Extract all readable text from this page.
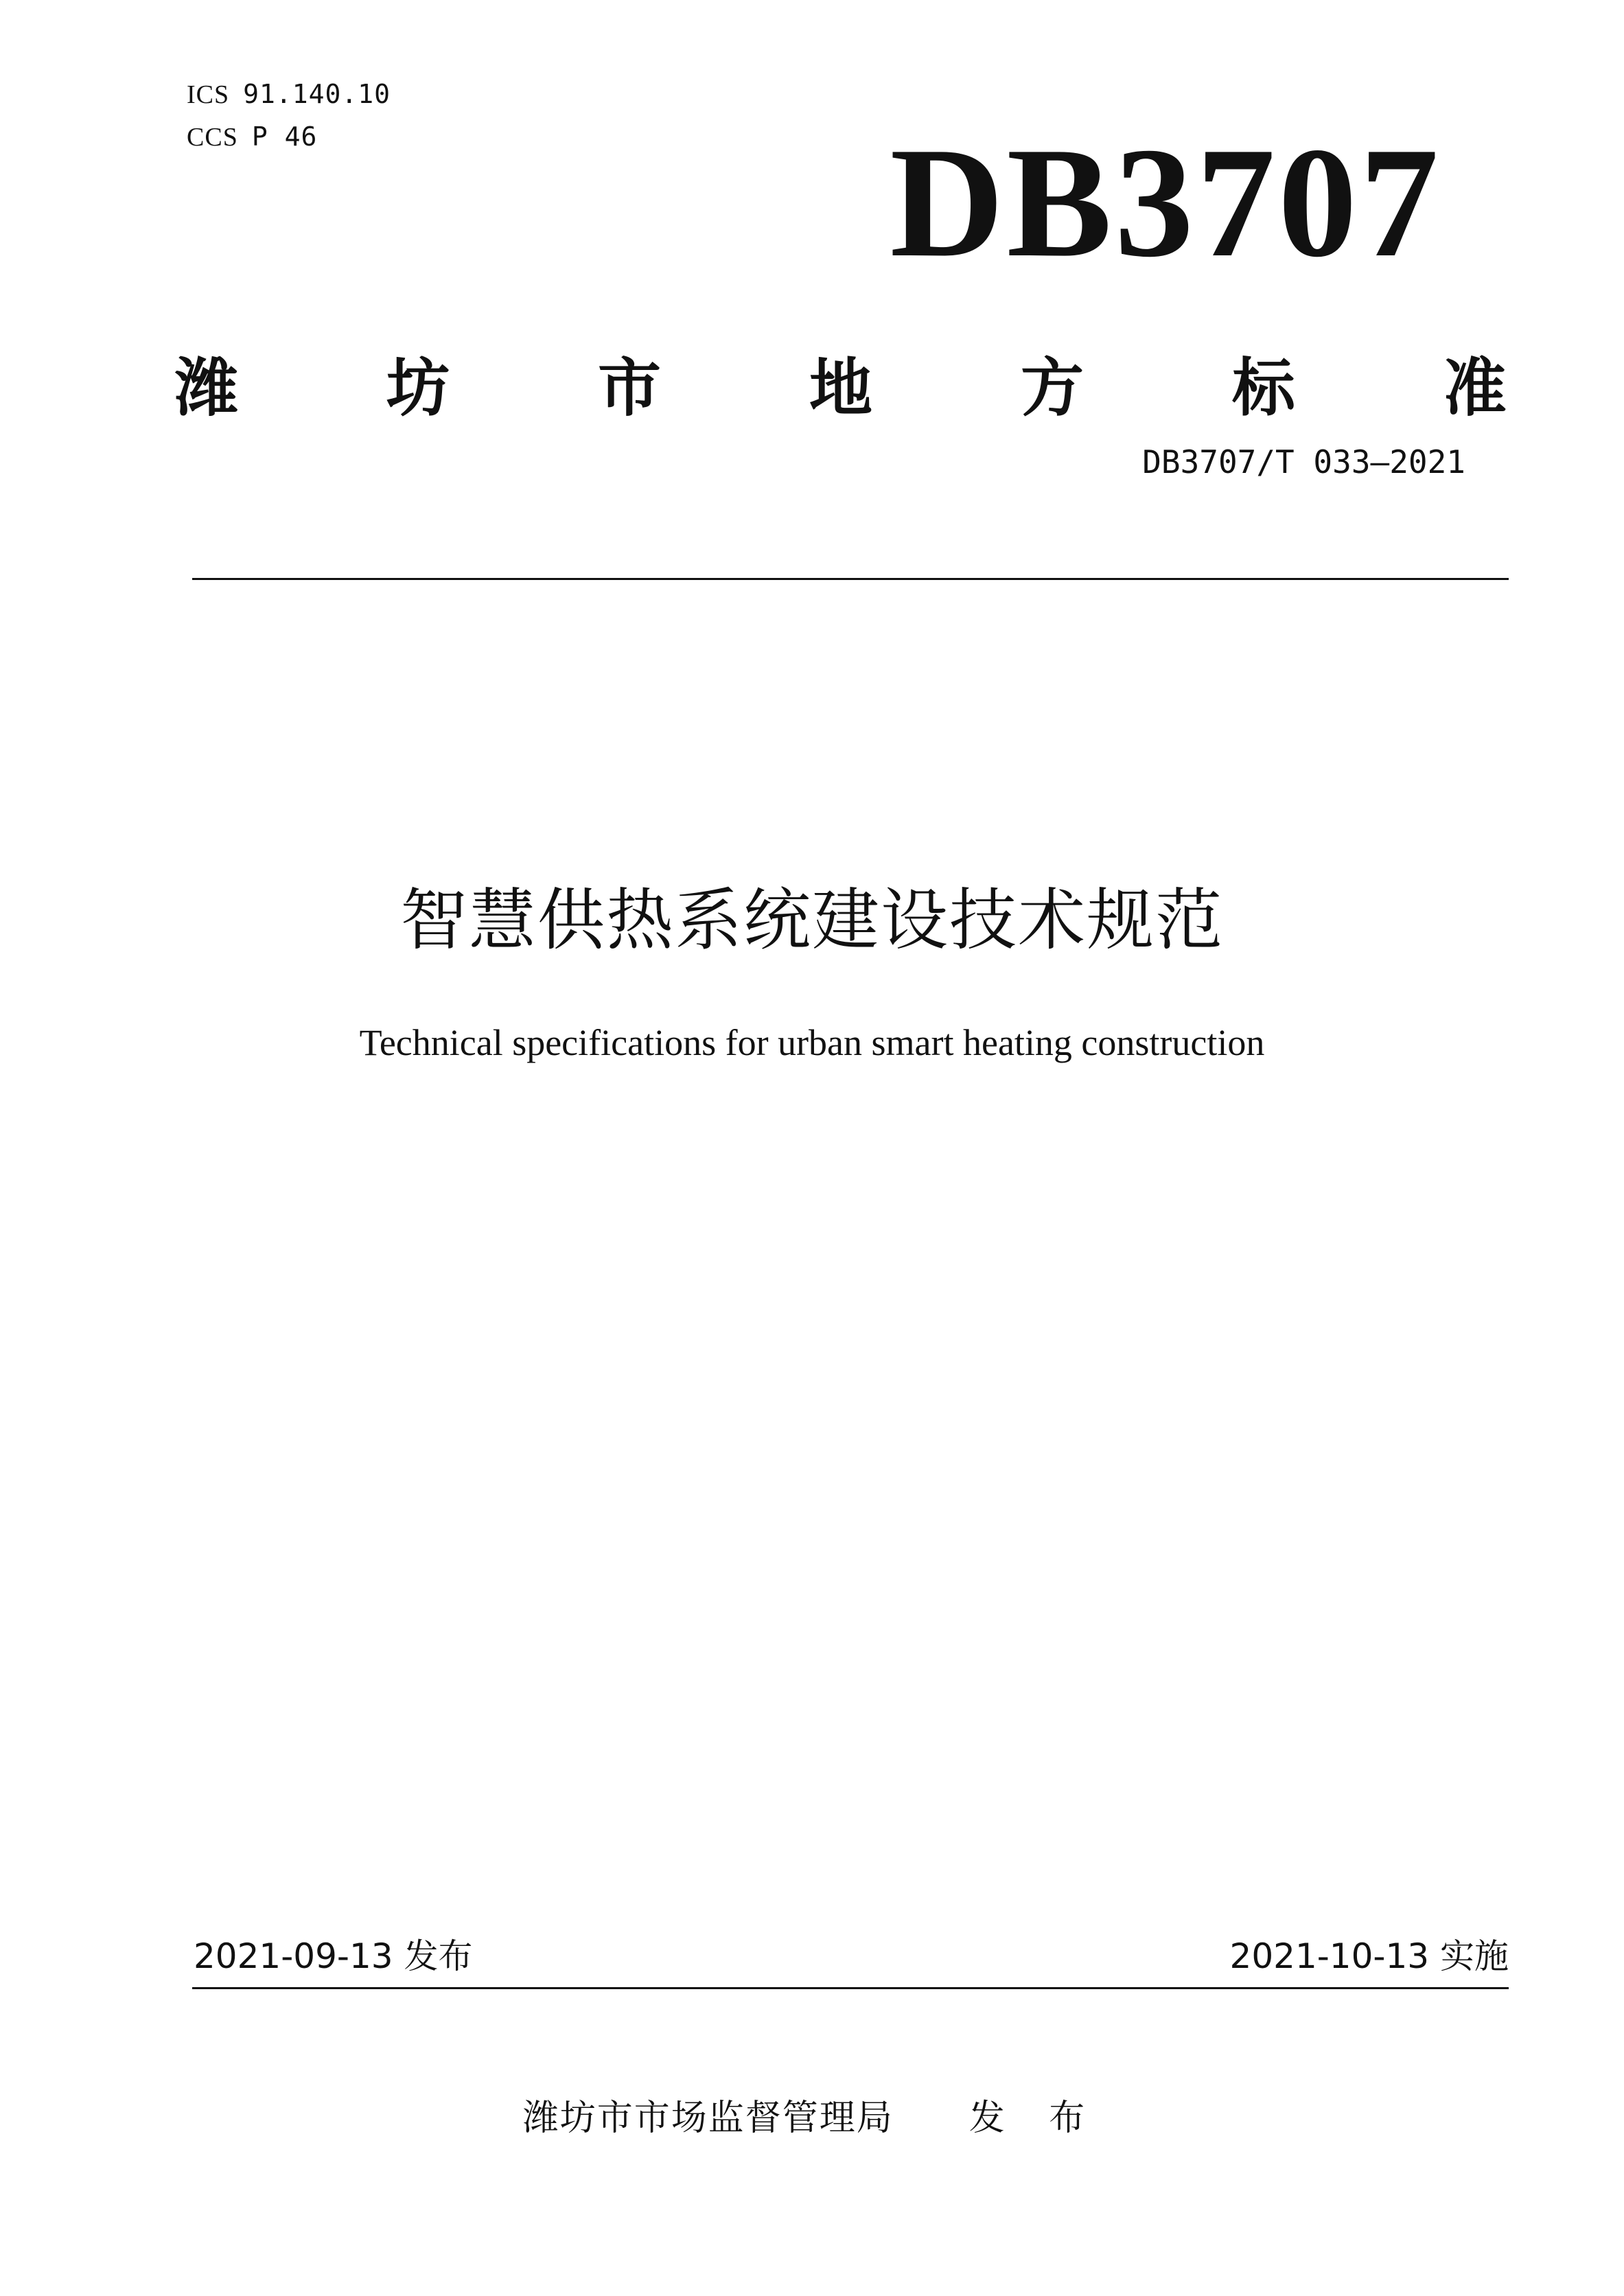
ICS 91.140.10
CCS P 46	DB3707
潍 坊 市 地 方 标 准
DB3707/T 033—2021
智慧供热系统建设技术规范
Technical specifications for urban smart heating construction
2021-09-13 发布	2021-10-13 实施
潍坊市市场监督管理局 发 布
